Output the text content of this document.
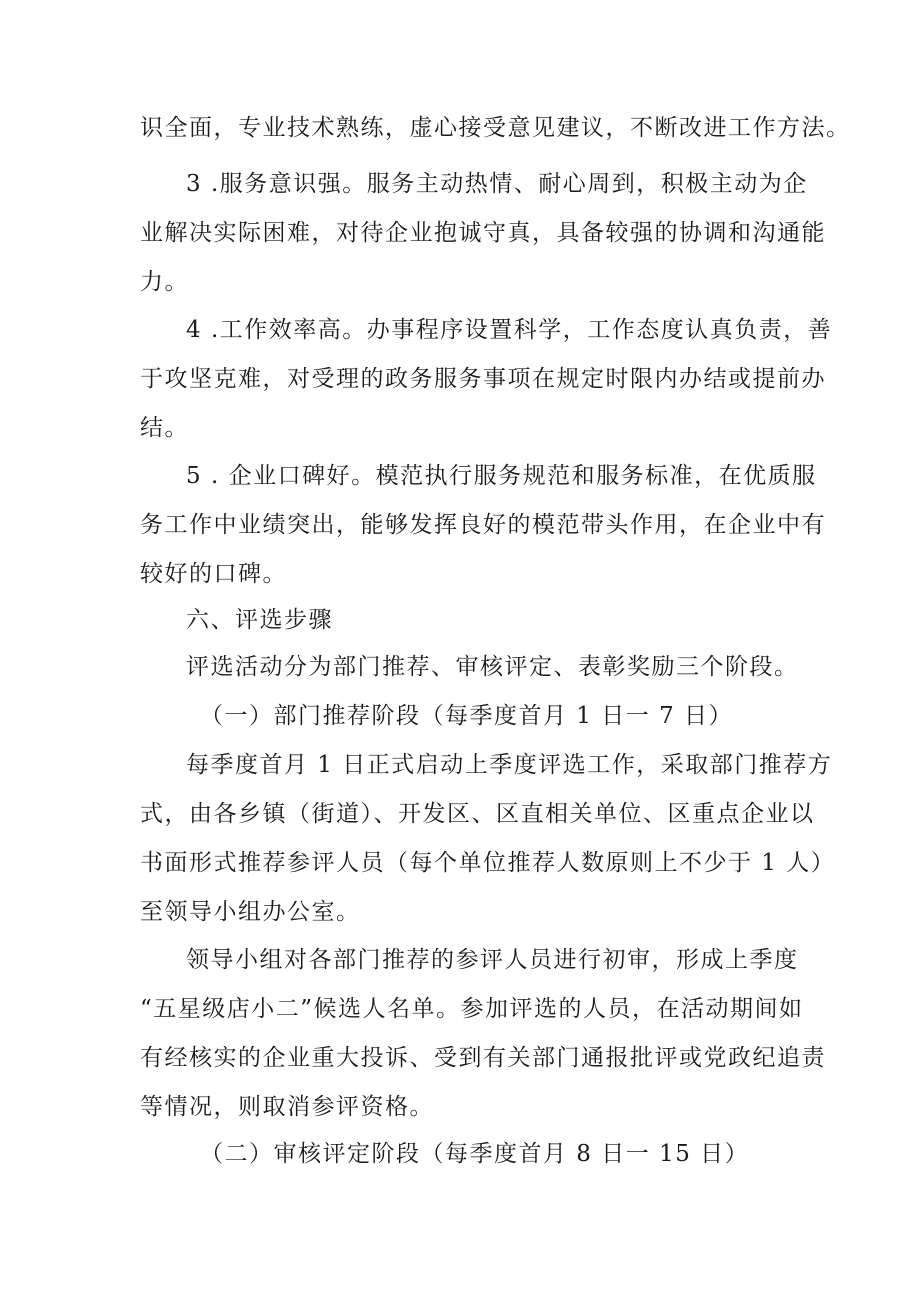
识全面，专业技术熟练，虚心接受意见建议，不断改进工作方法。

3 .服务意识强。服务主动热情、耐心周到，积极主动为企
业解决实际困难，对待企业抱诚守真，具备较强的协调和沟通能
力。

4 .工作效率高。办事程序设置科学，工作态度认真负责，善
于攻坚克难，对受理的政务服务事项在规定时限内办结或提前办
结。

5 . 企业口碑好。模范执行服务规范和服务标准，在优质服
务工作中业绩突出，能够发挥良好的模范带头作用，在企业中有
较好的口碑。

六、评选步骤

评选活动分为部门推荐、审核评定、表彰奖励三个阶段。

（一）部门推荐阶段（每季度首月 1 日一 7 日）

每季度首月 1 日正式启动上季度评选工作，采取部门推荐方
式，由各乡镇（街道）、开发区、区直相关单位、区重点企业以
书面形式推荐参评人员（每个单位推荐人数原则上不少于 1 人）
至领导小组办公室。

领导小组对各部门推荐的参评人员进行初审，形成上季度
“五星级店小二”候选人名单。参加评选的人员，在活动期间如
有经核实的企业重大投诉、受到有关部门通报批评或党政纪追责
等情况，则取消参评资格。

（二）审核评定阶段（每季度首月 8 日一 15 日）
